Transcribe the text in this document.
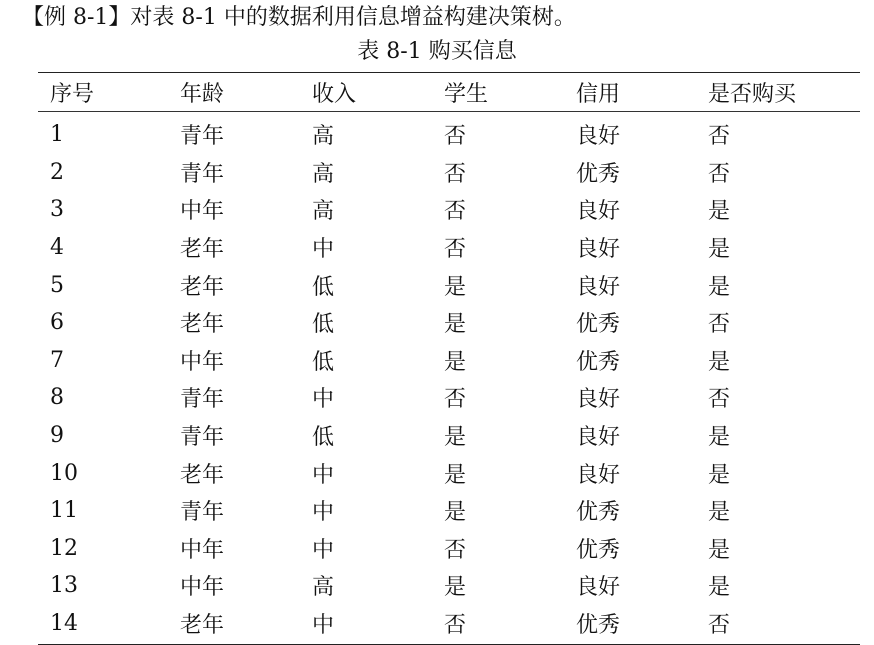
【例 8-1】对表 8-1 中的数据利用信息增益构建决策树。
表 8-1 购买信息
序号	年龄	收入	学生	信用	是否购买
1	青年	高	否	良好	否
2	青年	高	否	优秀	否
3	中年	高	否	良好	是
4	老年	中	否	良好	是
5	老年	低	是	良好	是
6	老年	低	是	优秀	否
7	中年	低	是	优秀	是
8	青年	中	否	良好	否
9	青年	低	是	良好	是
10	老年	中	是	良好	是
11	青年	中	是	优秀	是
12	中年	中	否	优秀	是
13	中年	高	是	良好	是
14	老年	中	否	优秀	否
